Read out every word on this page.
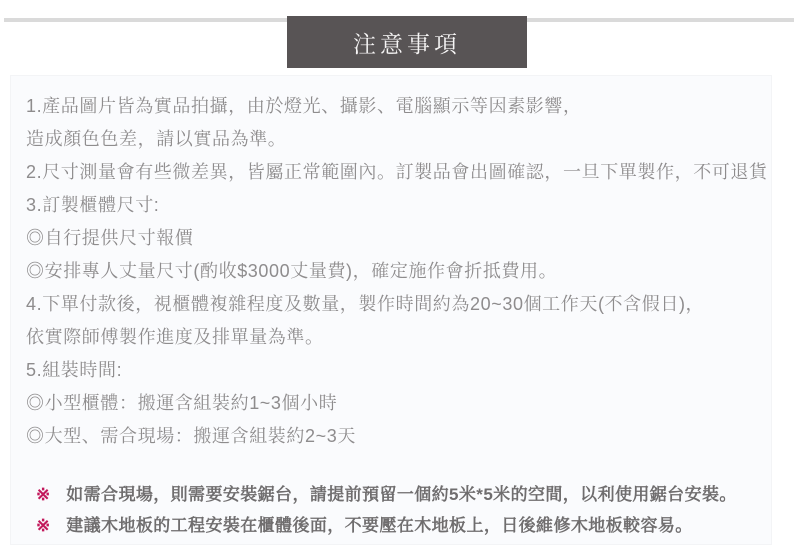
注意事項

1.產品圖片皆為實品拍攝，由於燈光、攝影、電腦顯示等因素影響，

造成顏色色差，請以實品為準。

2.尺寸測量會有些微差異，皆屬正常範圍內。訂製品會出圖確認，一旦下單製作，不可退貨

3.訂製櫃體尺寸:

◎自行提供尺寸報價

◎安排專人丈量尺寸(酌收$3000丈量費)，確定施作會折抵費用。

4.下單付款後，視櫃體複雜程度及數量，製作時間約為20~30個工作天(不含假日)，

依實際師傅製作進度及排單量為準。

5.組裝時間:

◎小型櫃體：搬運含組裝約1~3個小時

◎大型、需合現場：搬運含組裝約2~3天

※ 如需合現場，則需要安裝鋸台，請提前預留一個約5米*5米的空間，以利使用鋸台安裝。
※ 建議木地板的工程安裝在櫃體後面，不要壓在木地板上，日後維修木地板較容易。
